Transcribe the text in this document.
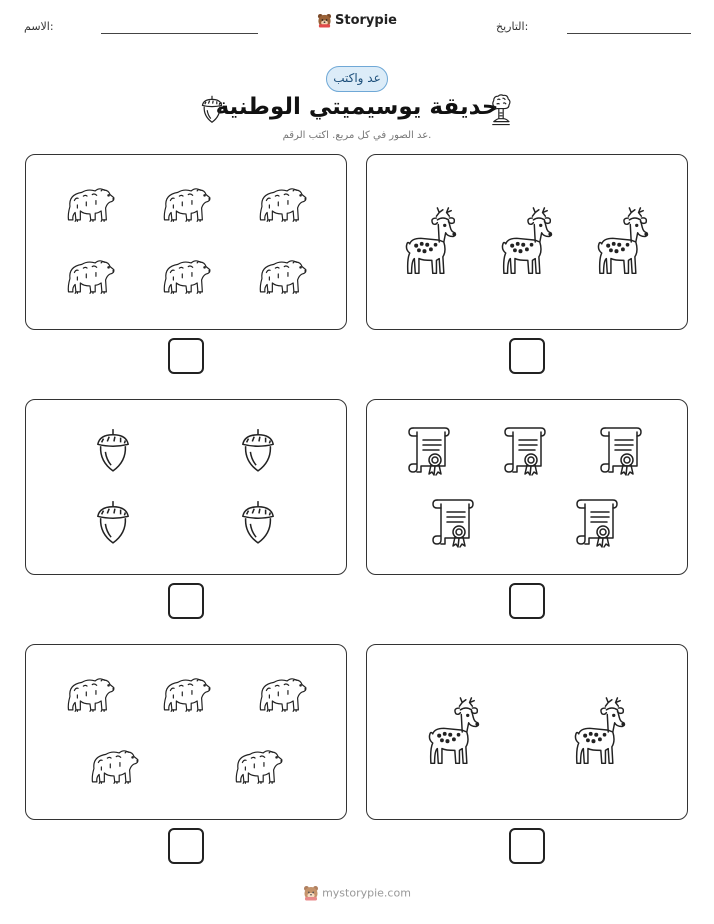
الاسم:	التاريخ:
Storypie
عد واكتب
حديقة يوسيميتي الوطنية
عد الصور في كل مربع. اكتب الرقم.
mystorypie.com
